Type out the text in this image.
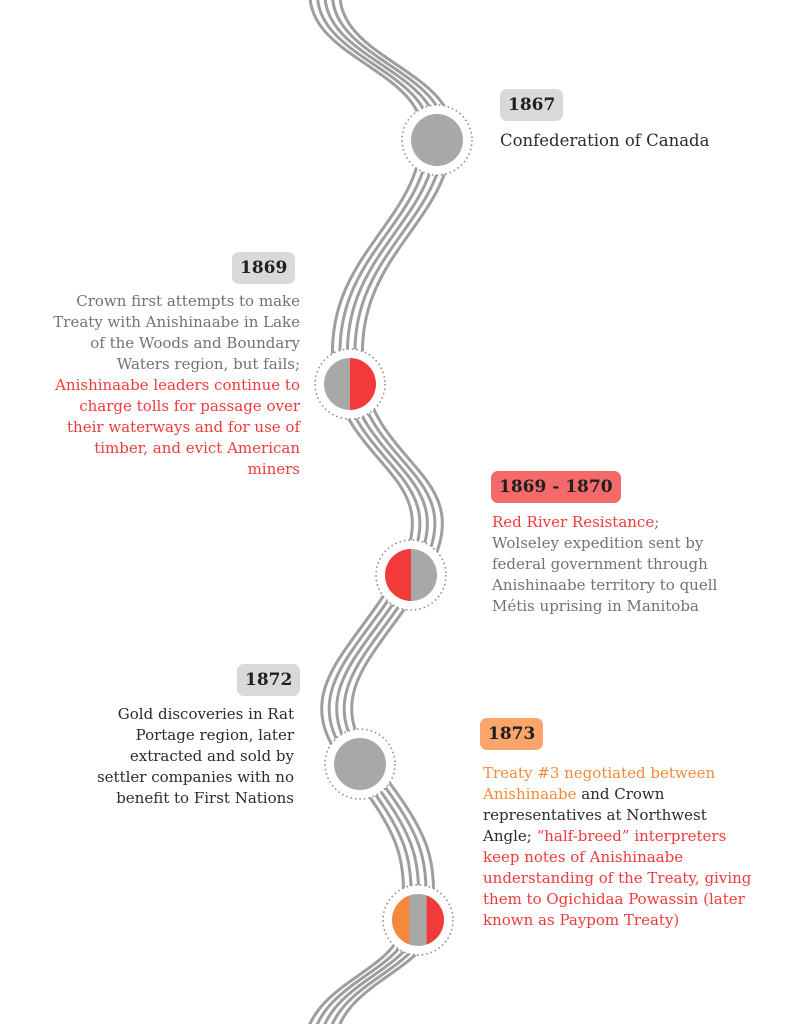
1867

Confederation of Canada

1869

Crown first attempts to make Treaty with Anishinaabe in Lake of the Woods and Boundary Waters region, but fails; Anishinaabe leaders continue to charge tolls for passage over their waterways and for use of timber, and evict American miners

1869 - 1870

Red River Resistance; Wolseley expedition sent by federal government through Anishinaabe territory to quell Métis uprising in Manitoba

1872

Gold discoveries in Rat Portage region, later extracted and sold by settler companies with no benefit to First Nations

1873

Treaty #3 negotiated between Anishinaabe and Crown representatives at Northwest Angle; “half-breed” interpreters keep notes of Anishinaabe understanding of the Treaty, giving them to Ogichidaa Powassin (later known as Paypom Treaty)
